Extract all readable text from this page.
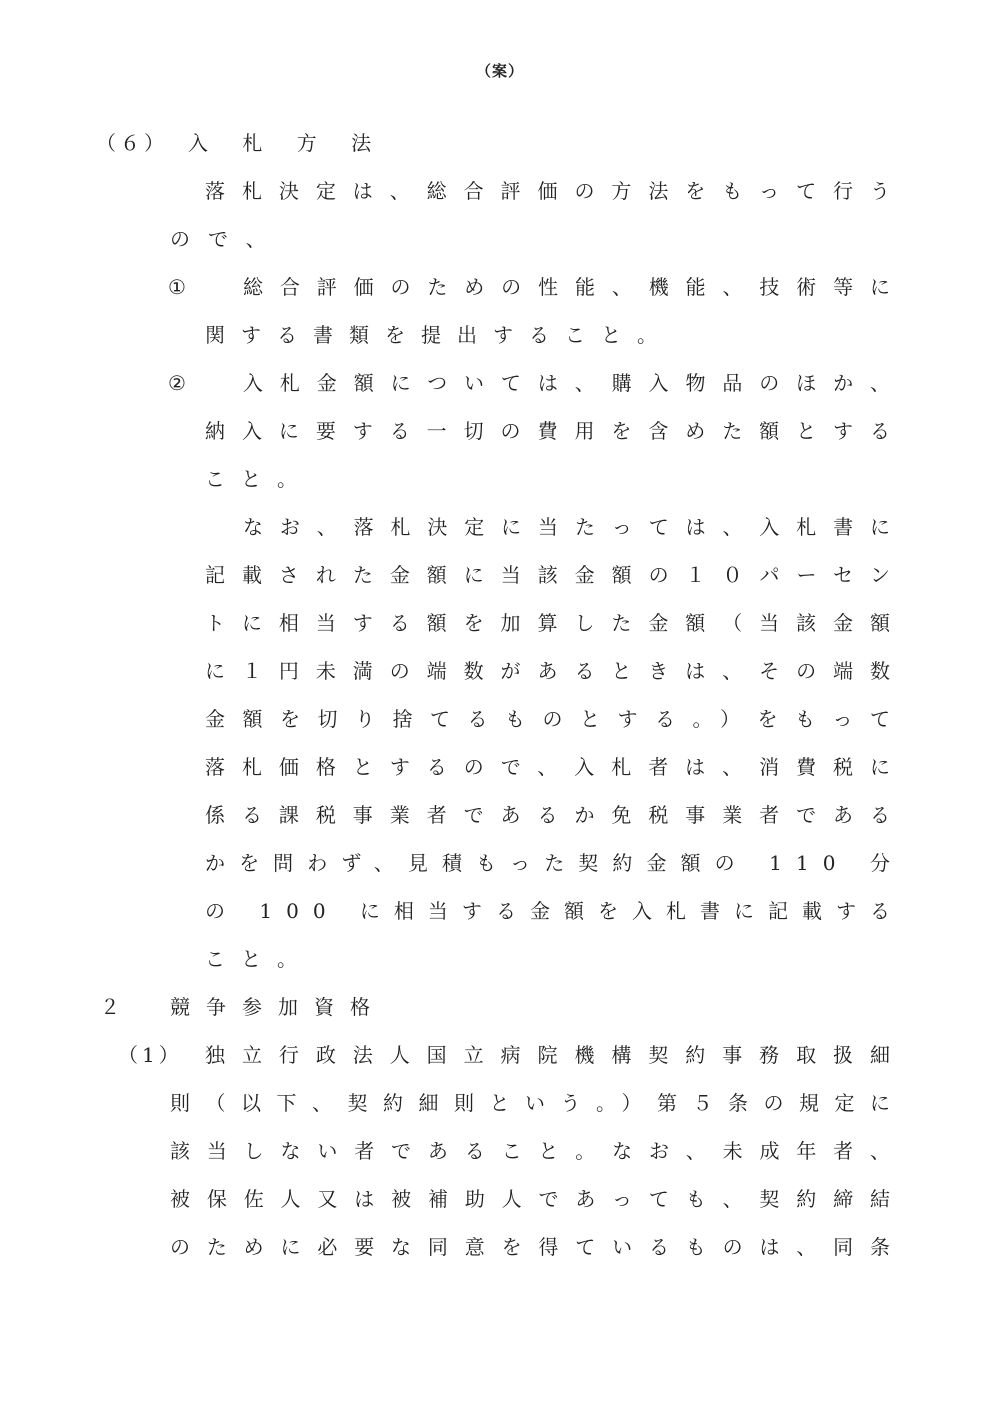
（案）
（６） 入 札 方 法
落札決定は、総合評価の方法をもって行う
ので、
①	総合評価のための性能、機能、技術等に
関する書類を提出すること。
②	入札金額については、購入物品のほか、
納入に要する一切の費用を含めた額とする
こと。
なお、落札決定に当たっては、入札書に
記載された金額に当該金額の１０パーセン
トに相当する額を加算した金額（当該金額
に１円未満の端数があるときは、その端数
金額を切り捨てるものとする。）をもって
落札価格とするので、入札者は、消費税に
係る課税事業者であるか免税事業者である
かを問わず、見積もった契約金額の 110 分
の 100 に相当する金額を入札書に記載する
こと。
２ 競争参加資格
（1） 独立行政法人国立病院機構契約事務取扱細
則（以下、契約細則という。）第５条の規定に
該当しない者であること。なお、未成年者、
被保佐人又は被補助人であっても、契約締結
のために必要な同意を得ているものは、同条
